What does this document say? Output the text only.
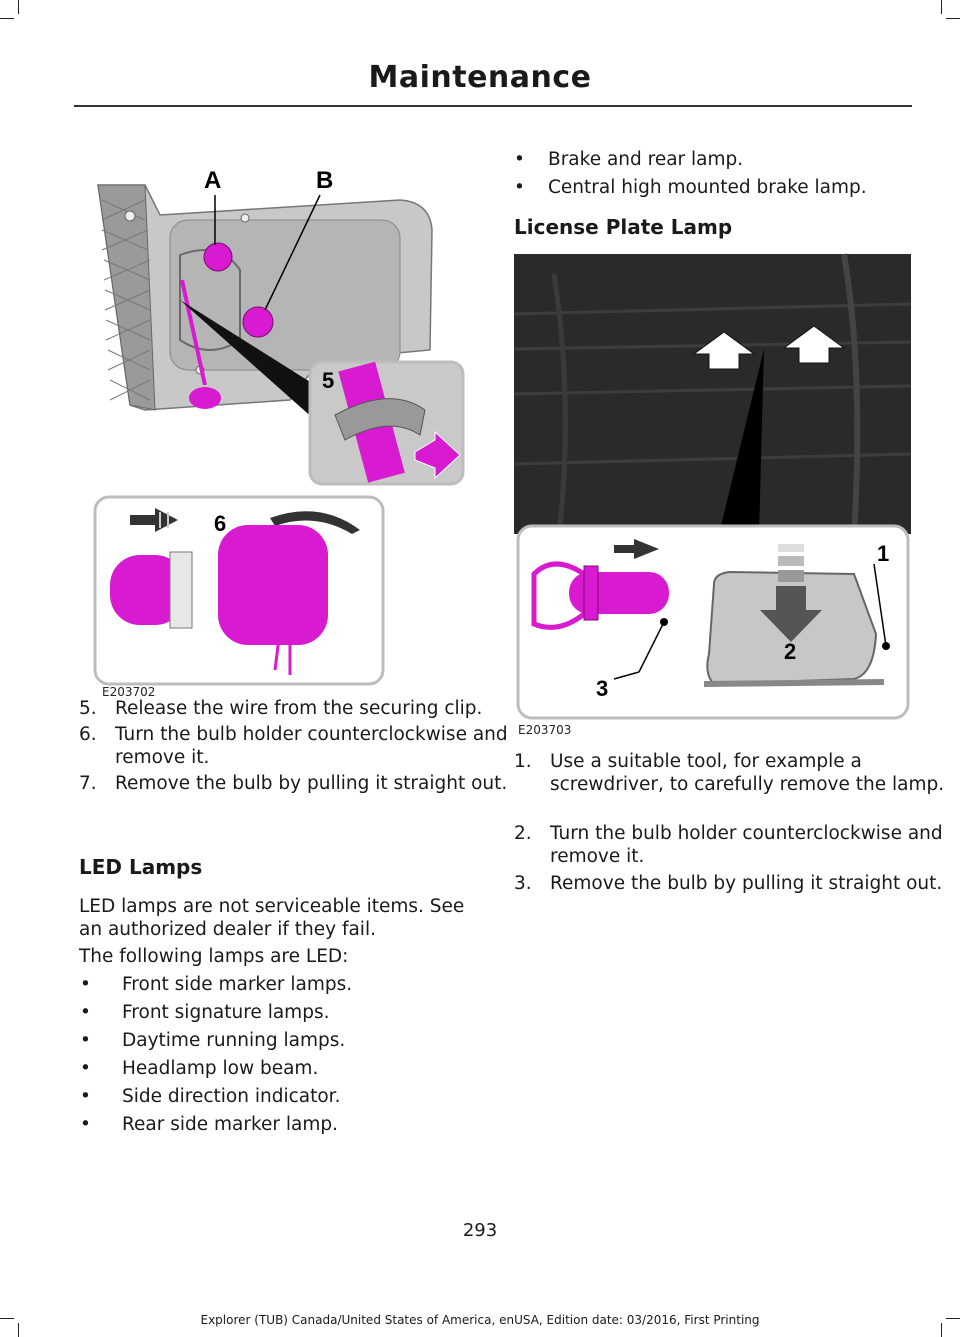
Maintenance
A	B
5
6
E203702
5. Release the wire from the securing clip.
6. Turn the bulb holder counterclockwise and remove it.
7. Remove the bulb by pulling it straight out.
LED Lamps
LED lamps are not serviceable items. See an authorized dealer if they fail.
The following lamps are LED:
• Front side marker lamps.
• Front signature lamps.
• Daytime running lamps.
• Headlamp low beam.
• Side direction indicator.
• Rear side marker lamp.
• Brake and rear lamp.
• Central high mounted brake lamp.
License Plate Lamp
1
2
3
E203703
1. Use a suitable tool, for example a screwdriver, to carefully remove the lamp.
2. Turn the bulb holder counterclockwise and remove it.
3. Remove the bulb by pulling it straight out.
293
Explorer (TUB) Canada/United States of America, enUSA, Edition date: 03/2016, First Printing
